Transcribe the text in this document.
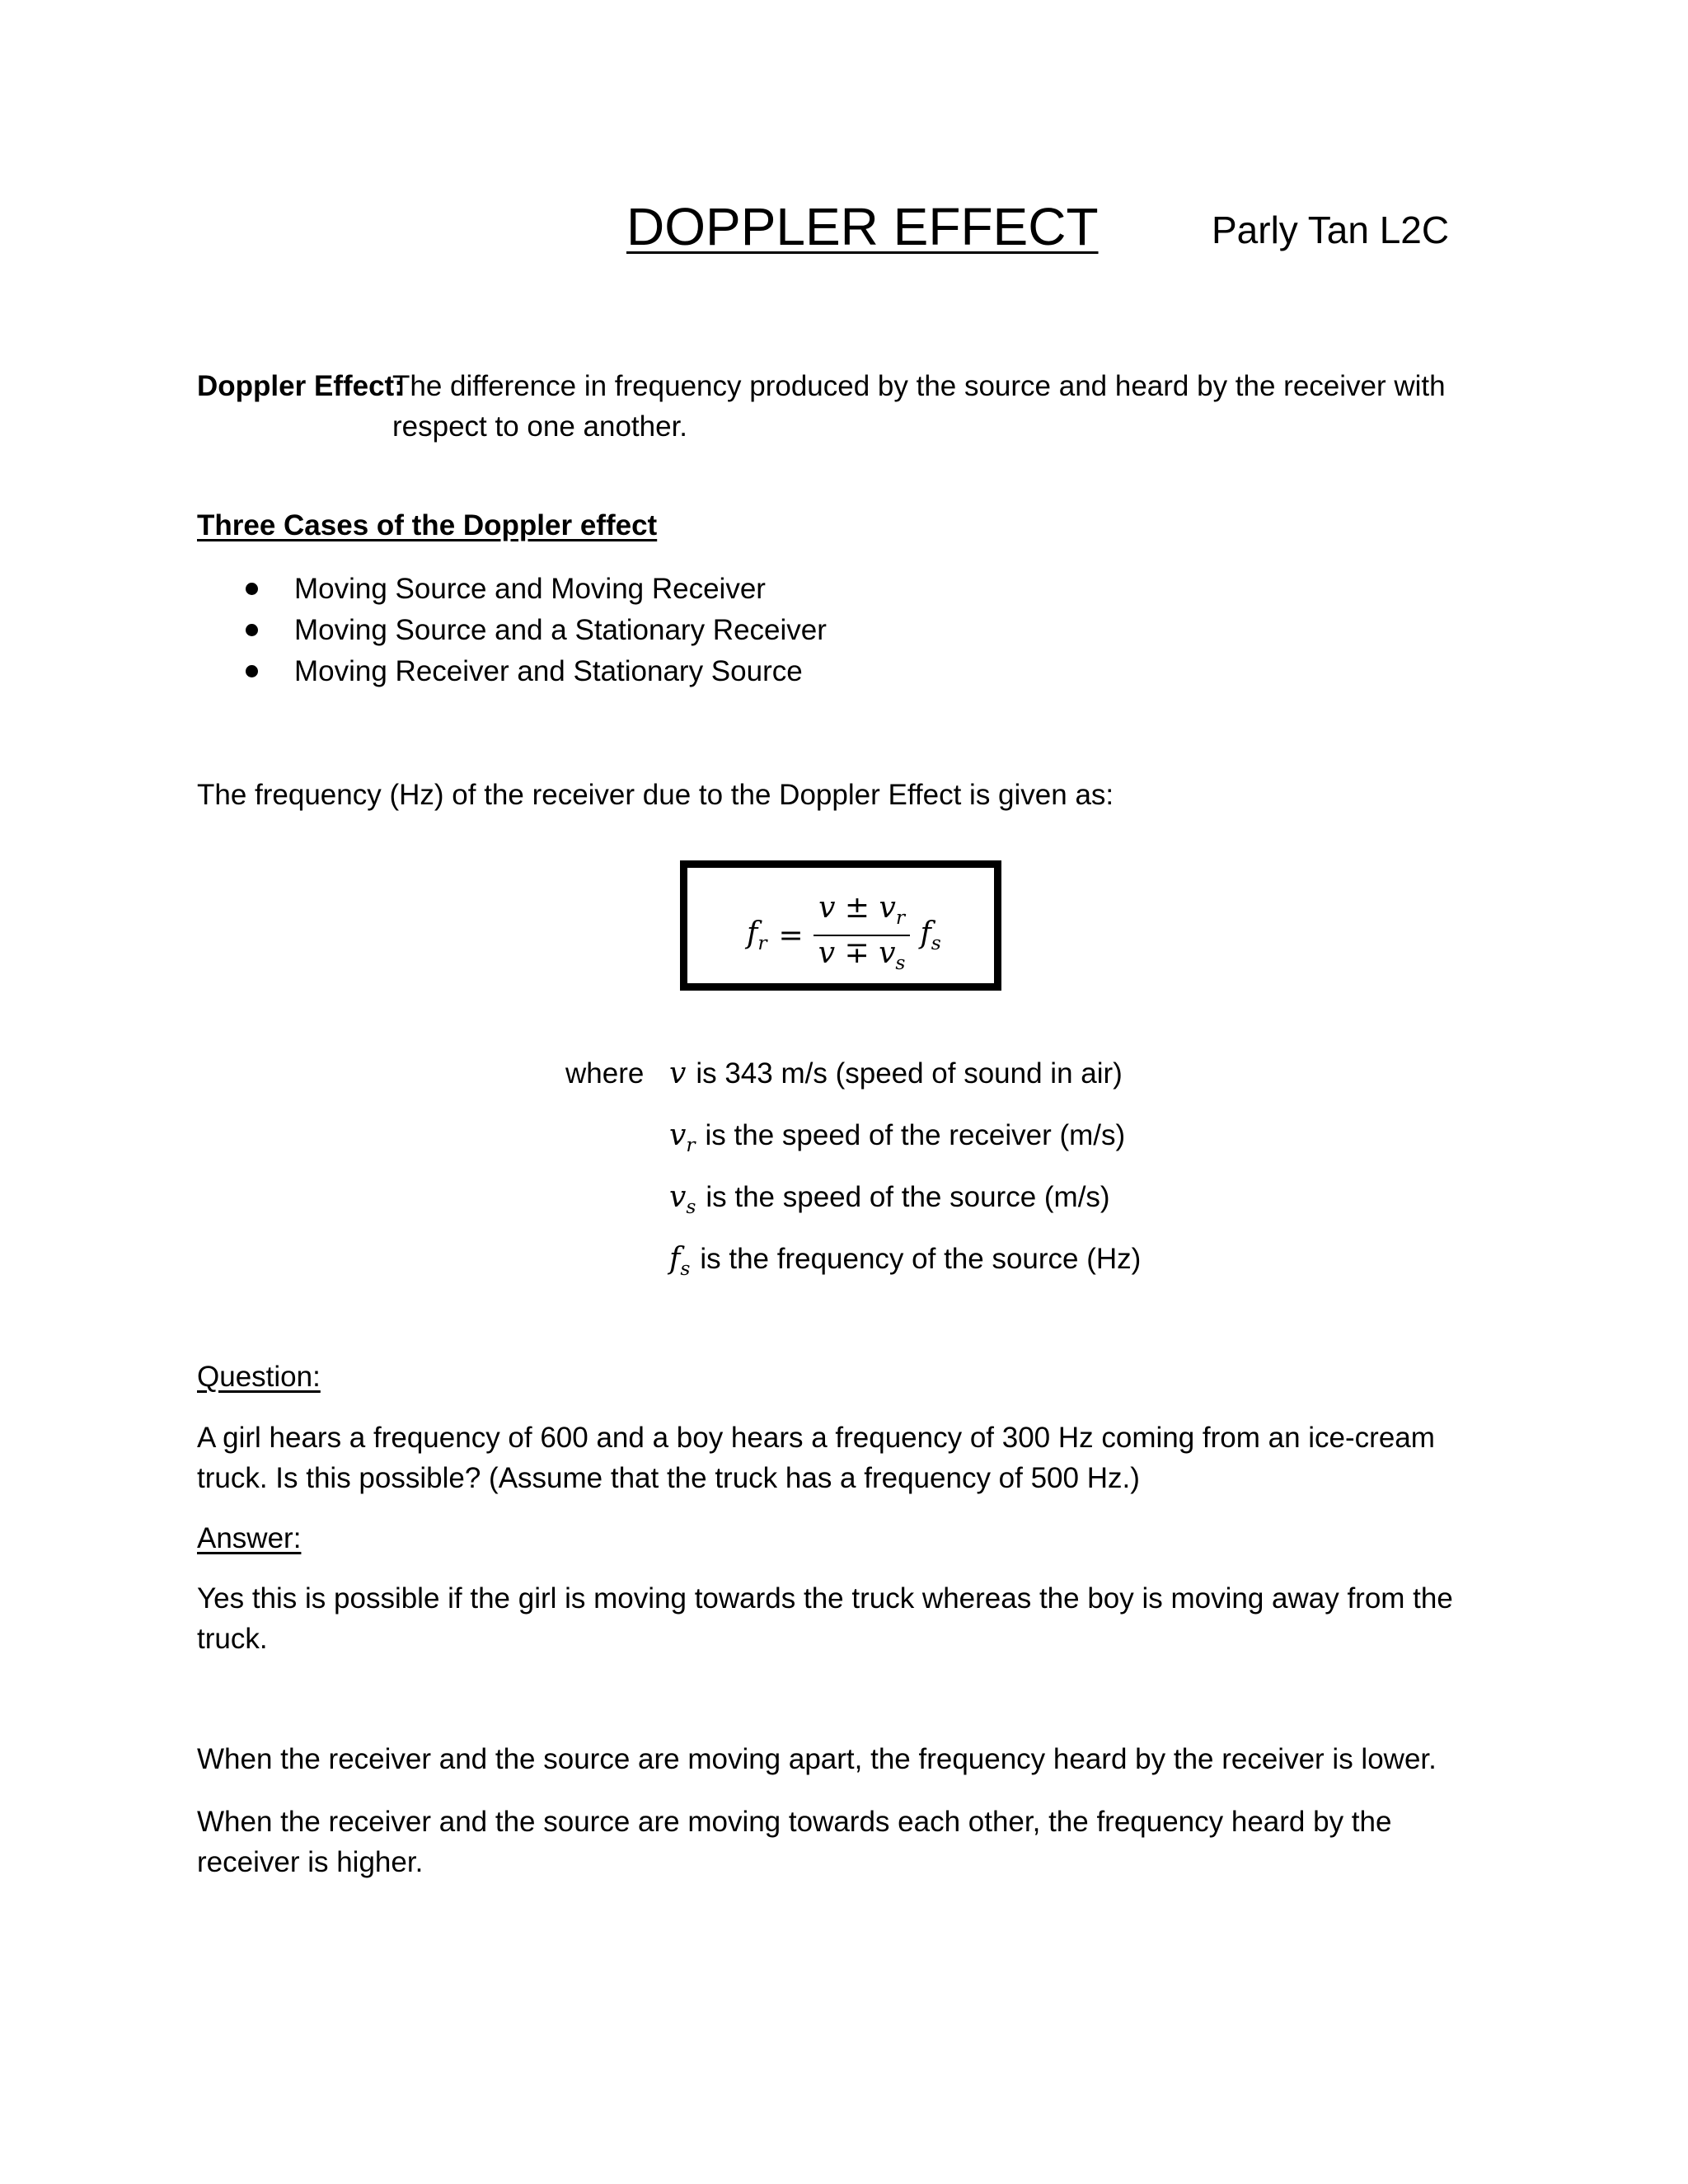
DOPPLER EFFECT	Parly Tan L2C
Doppler Effect:
The difference in frequency produced by the source and heard by the receiver with respect to one another.
Three Cases of the Doppler effect
Moving Source and Moving Receiver
Moving Source and a Stationary Receiver
Moving Receiver and Stationary Source
The frequency (Hz) of the receiver due to the Doppler Effect is given as:
$f_r = \frac{v \pm v_r}{v \mp v_s} f_s$
where v is 343 m/s (speed of sound in air)
$v_r$ is the speed of the receiver (m/s)
$v_s$ is the speed of the source (m/s)
$f_s$ is the frequency of the source (Hz)
Question:
A girl hears a frequency of 600 and a boy hears a frequency of 300 Hz coming from an ice-cream truck. Is this possible? (Assume that the truck has a frequency of 500 Hz.)
Answer:
Yes this is possible if the girl is moving towards the truck whereas the boy is moving away from the truck.
When the receiver and the source are moving apart, the frequency heard by the receiver is lower.
When the receiver and the source are moving towards each other, the frequency heard by the receiver is higher.
